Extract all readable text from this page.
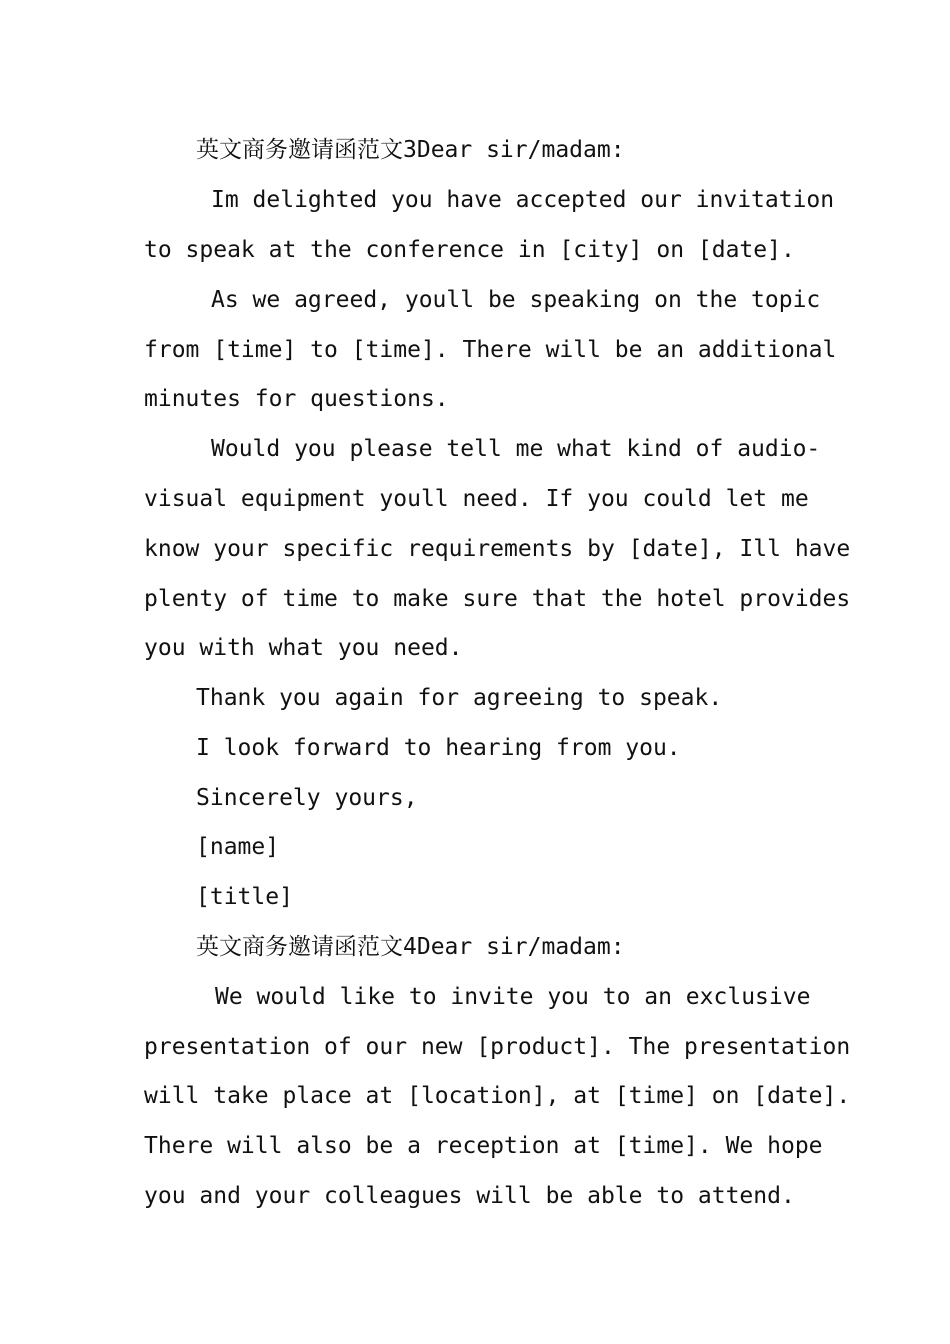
英文商务邀请函范文3Dear sir/madam:
Im delighted you have accepted our invitation
to speak at the conference in [city] on [date].
As we agreed, youll be speaking on the topic
from [time] to [time]. There will be an additional
minutes for questions.
Would you please tell me what kind of audio-
visual equipment youll need. If you could let me
know your specific requirements by [date], Ill have
plenty of time to make sure that the hotel provides
you with what you need.
Thank you again for agreeing to speak.
I look forward to hearing from you.
Sincerely yours,
[name]
[title]
英文商务邀请函范文4Dear sir/madam:
We would like to invite you to an exclusive
presentation of our new [product]. The presentation
will take place at [location], at [time] on [date].
There will also be a reception at [time]. We hope
you and your colleagues will be able to attend.
